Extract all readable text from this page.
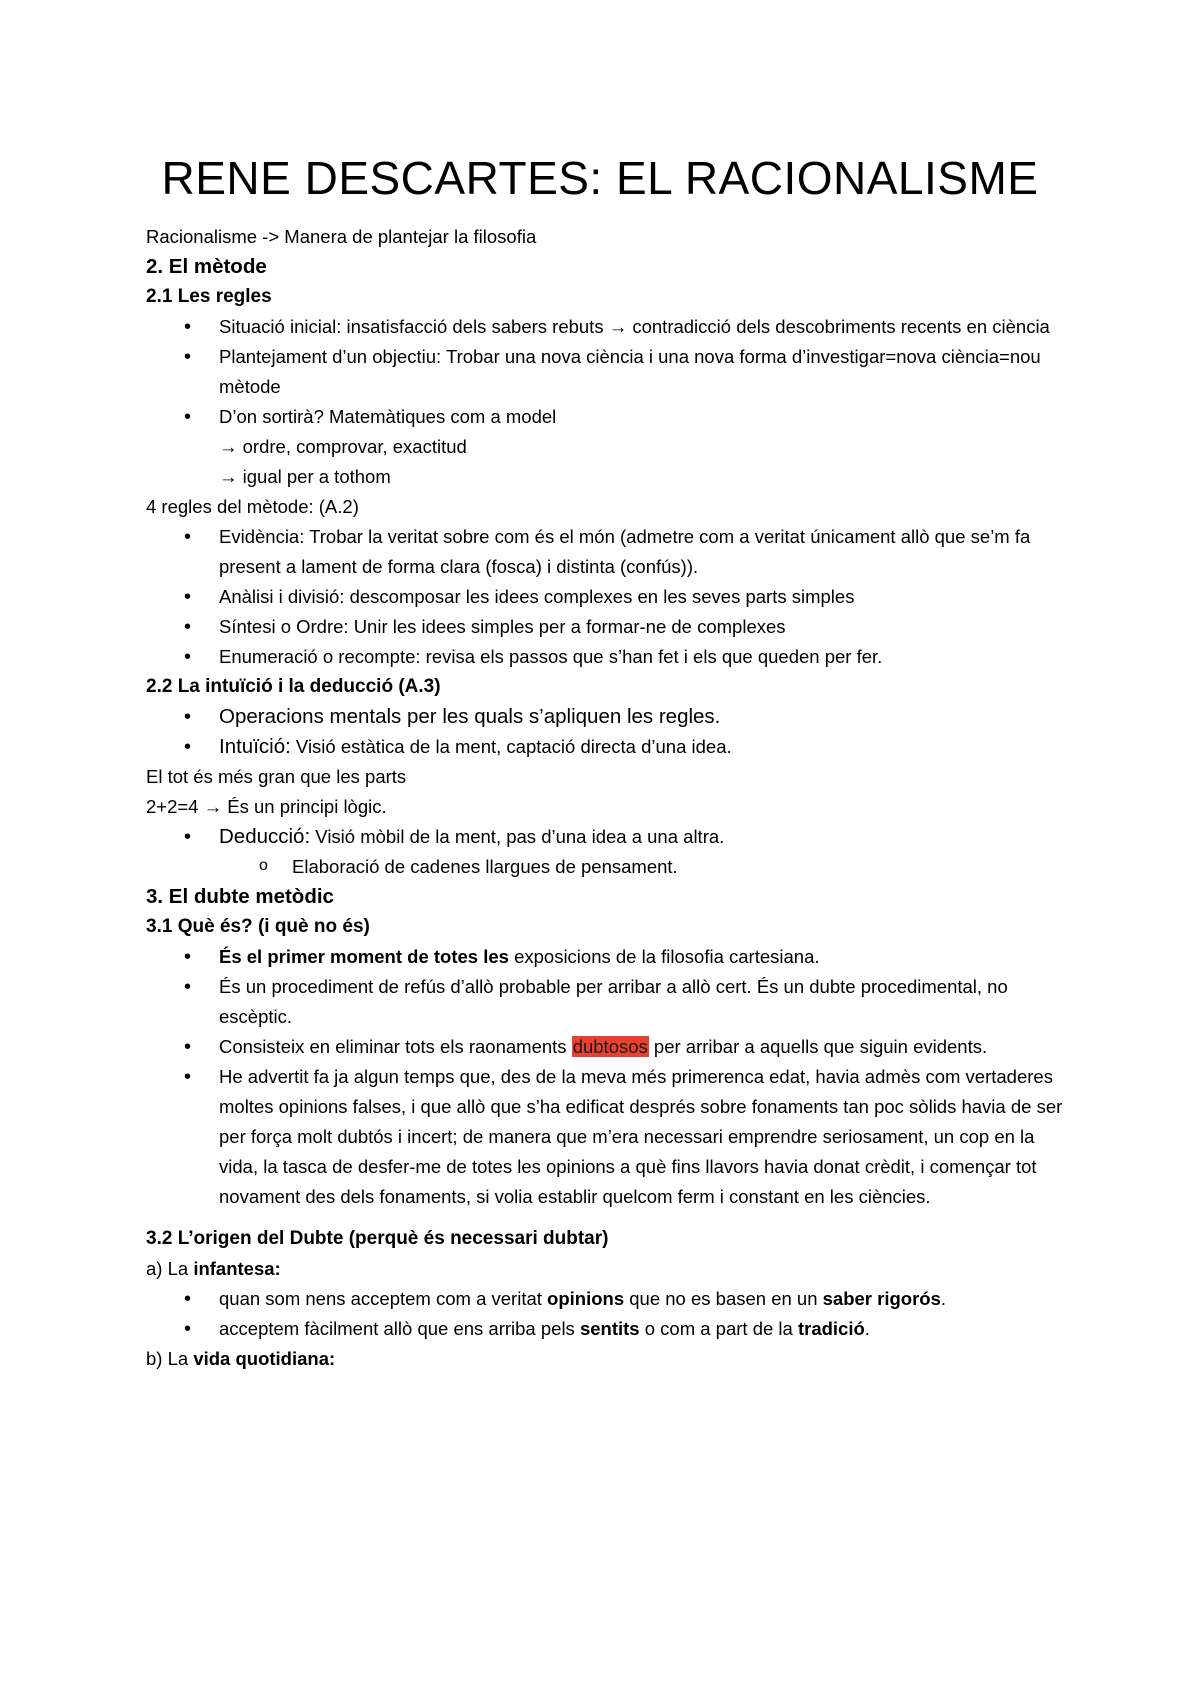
RENE DESCARTES: EL RACIONALISME

Racionalisme -> Manera de plantejar la filosofia

2. El mètode

2.1 Les regles

• Situació inicial: insatisfacció dels sabers rebuts → contradicció dels descobriments recents en ciència
• Plantejament d’un objectiu: Trobar una nova ciència i una nova forma d’investigar=nova ciència=nou mètode
• D’on sortirà? Matemàtiques com a model
→ ordre, comprovar, exactitud
→ igual per a tothom

4 regles del mètode: (A.2)

• Evidència: Trobar la veritat sobre com és el món (admetre com a veritat únicament allò que se’m fa present a lament de forma clara (fosca) i distinta (confús)).
• Anàlisi i divisió: descomposar les idees complexes en les seves parts simples
• Síntesi o Ordre: Unir les idees simples per a formar-ne de complexes
• Enumeració o recompte: revisa els passos que s’han fet i els que queden per fer.

2.2 La intuïció i la deducció (A.3)

• Operacions mentals per les quals s’apliquen les regles.
• Intuïció: Visió estàtica de la ment, captació directa d’una idea.

El tot és més gran que les parts

2+2=4 → És un principi lògic.

• Deducció: Visió mòbil de la ment, pas d’una idea a una altra.
o Elaboració de cadenes llargues de pensament.

3. El dubte metòdic

3.1 Què és? (i què no és)

• És el primer moment de totes les exposicions de la filosofia cartesiana.
• És un procediment de refús d’allò probable per arribar a allò cert. És un dubte procedimental, no escèptic.
• Consisteix en eliminar tots els raonaments dubtosos per arribar a aquells que siguin evidents.
• He advertit fa ja algun temps que, des de la meva més primerenca edat, havia admès com vertaderes moltes opinions falses, i que allò que s’ha edificat després sobre fonaments tan poc sòlids havia de ser per força molt dubtós i incert; de manera que m’era necessari emprendre seriosament, un cop en la vida, la tasca de desfer-me de totes les opinions a què fins llavors havia donat crèdit, i començar tot novament des dels fonaments, si volia establir quelcom ferm i constant en les ciències.

3.2 L’origen del Dubte (perquè és necessari dubtar)

a) La infantesa:

• quan som nens acceptem com a veritat opinions que no es basen en un saber rigorós.
• acceptem fàcilment allò que ens arriba pels sentits o com a part de la tradició.

b) La vida quotidiana:
